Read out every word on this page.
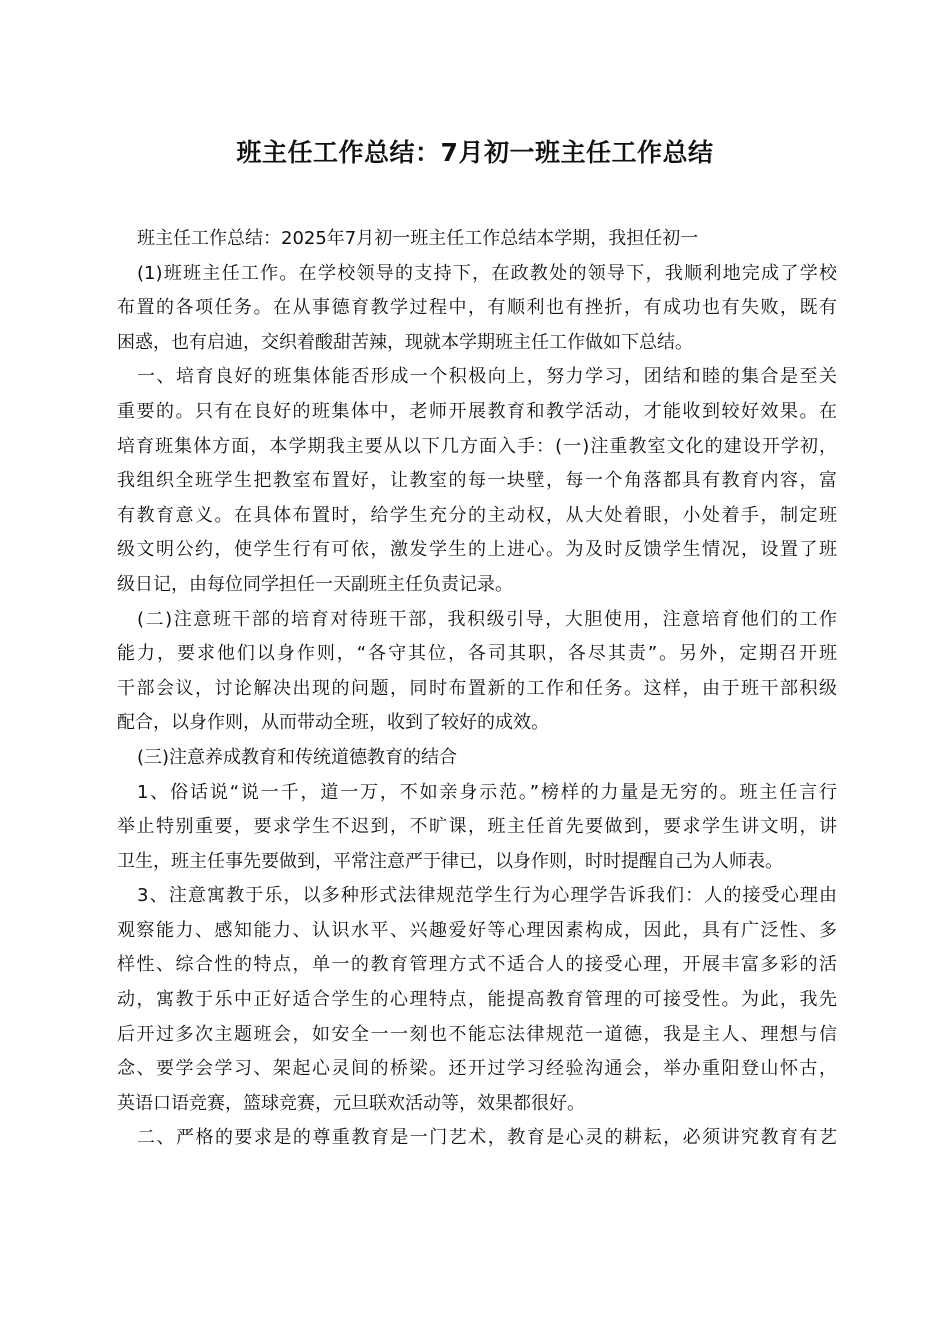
班主任工作总结：7月初一班主任工作总结
班主任工作总结：2025年7月初一班主任工作总结本学期，我担任初一
(1)班班主任工作。在学校领导的支持下，在政教处的领导下，我顺利地完成了学校
布置的各项任务。在从事德育教学过程中，有顺利也有挫折，有成功也有失败，既有
困惑，也有启迪，交织着酸甜苦辣，现就本学期班主任工作做如下总结。
一、培育良好的班集体能否形成一个积极向上，努力学习，团结和睦的集合是至关
重要的。只有在良好的班集体中，老师开展教育和教学活动，才能收到较好效果。在
培育班集体方面，本学期我主要从以下几方面入手：(一)注重教室文化的建设开学初，
我组织全班学生把教室布置好，让教室的每一块壁，每一个角落都具有教育内容，富
有教育意义。在具体布置时，给学生充分的主动权，从大处着眼，小处着手，制定班
级文明公约，使学生行有可依，激发学生的上进心。为及时反馈学生情况，设置了班
级日记，由每位同学担任一天副班主任负责记录。
(二)注意班干部的培育对待班干部，我积级引导，大胆使用，注意培育他们的工作
能力，要求他们以身作则，“各守其位，各司其职，各尽其责”。另外，定期召开班
干部会议，讨论解决出现的问题，同时布置新的工作和任务。这样，由于班干部积级
配合，以身作则，从而带动全班，收到了较好的成效。
(三)注意养成教育和传统道德教育的结合
1、俗话说“说一千，道一万，不如亲身示范。”榜样的力量是无穷的。班主任言行
举止特别重要，要求学生不迟到，不旷课，班主任首先要做到，要求学生讲文明，讲
卫生，班主任事先要做到，平常注意严于律已，以身作则，时时提醒自己为人师表。
3、注意寓教于乐，以多种形式法律规范学生行为心理学告诉我们：人的接受心理由
观察能力、感知能力、认识水平、兴趣爱好等心理因素构成，因此，具有广泛性、多
样性、综合性的特点，单一的教育管理方式不适合人的接受心理，开展丰富多彩的活
动，寓教于乐中正好适合学生的心理特点，能提高教育管理的可接受性。为此，我先
后开过多次主题班会，如安全一一刻也不能忘法律规范一道德，我是主人、理想与信
念、要学会学习、架起心灵间的桥梁。还开过学习经验沟通会，举办重阳登山怀古，
英语口语竞赛，篮球竞赛，元旦联欢活动等，效果都很好。
二、严格的要求是的尊重教育是一门艺术，教育是心灵的耕耘，必须讲究教育有艺
